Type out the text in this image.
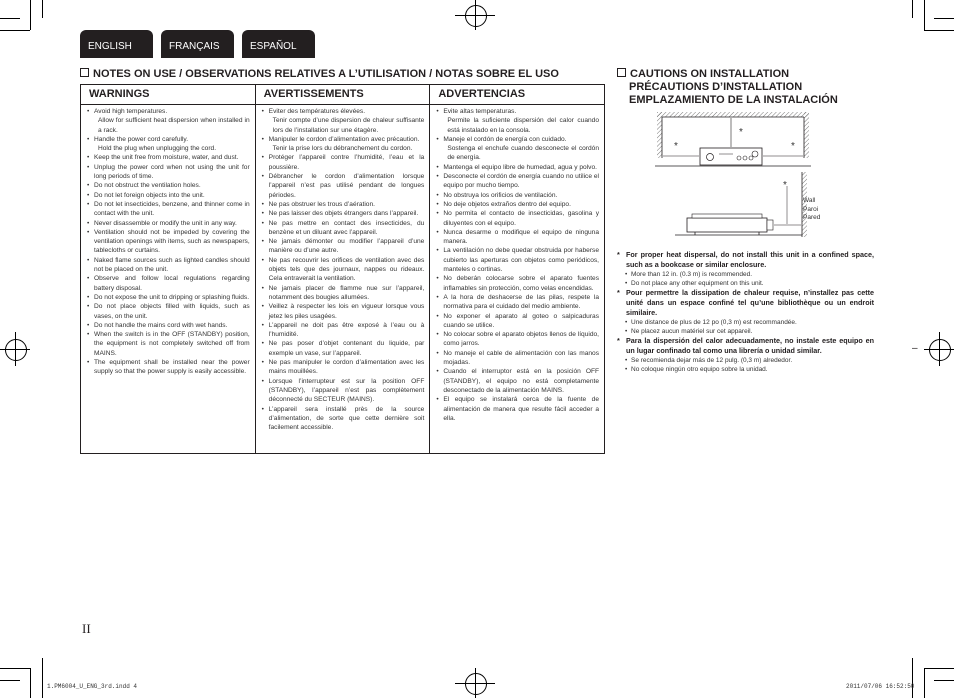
ENGLISH	FRANÇAIS	ESPAÑOL
NOTES ON USE / OBSERVATIONS RELATIVES A L’UTILISATION / NOTAS SOBRE EL USO
WARNINGS	AVERTISSEMENTS	ADVERTENCIAS
• Avoid high temperatures.
Allow for sufficient heat dispersion when installed in a rack.
• Handle the power cord carefully.
Hold the plug when unplugging the cord.
• Keep the unit free from moisture, water, and dust.
• Unplug the power cord when not using the unit for long periods of time.
• Do not obstruct the ventilation holes.
• Do not let foreign objects into the unit.
• Do not let insecticides, benzene, and thinner come in contact with the unit.
• Never disassemble or modify the unit in any way.
• Ventilation should not be impeded by covering the ventilation openings with items, such as newspapers, tablecloths or curtains.
• Naked flame sources such as lighted candles should not be placed on the unit.
• Observe and follow local regulations regarding battery disposal.
• Do not expose the unit to dripping or splashing fluids.
• Do not place objects filled with liquids, such as vases, on the unit.
• Do not handle the mains cord with wet hands.
• When the switch is in the OFF (STANDBY) position, the equipment is not completely switched off from MAINS.
• The equipment shall be installed near the power supply so that the power supply is easily accessible.
• Eviter des températures élevées.
Tenir compte d’une dispersion de chaleur suffisante lors de l’installation sur une étagère.
• Manipuler le cordon d’alimentation avec précaution.
Tenir la prise lors du débranchement du cordon.
• Protéger l’appareil contre l’humidité, l’eau et la poussière.
• Débrancher le cordon d’alimentation lorsque l’appareil n’est pas utilisé pendant de longues périodes.
• Ne pas obstruer les trous d’aération.
• Ne pas laisser des objets étrangers dans l’appareil.
• Ne pas mettre en contact des insecticides, du benzène et un diluant avec l’appareil.
• Ne jamais démonter ou modifier l’appareil d’une manière ou d’une autre.
• Ne pas recouvrir les orifices de ventilation avec des objets tels que des journaux, nappes ou rideaux. Cela entraverait la ventilation.
• Ne jamais placer de flamme nue sur l’appareil, notamment des bougies allumées.
• Veillez à respecter les lois en vigueur lorsque vous jetez les piles usagées.
• L’appareil ne doit pas être exposé à l’eau ou à l’humidité.
• Ne pas poser d’objet contenant du liquide, par exemple un vase, sur l’appareil.
• Ne pas manipuler le cordon d’alimentation avec les mains mouillées.
• Lorsque l’interrupteur est sur la position OFF (STANDBY), l’appareil n’est pas complètement déconnecté du SECTEUR (MAINS).
• L’appareil sera installé près de la source d’alimentation, de sorte que cette dernière soit facilement accessible.
• Evite altas temperaturas.
Permite la suficiente dispersión del calor cuando está instalado en la consola.
• Maneje el cordón de energía con cuidado.
Sostenga el enchufe cuando desconecte el cordón de energía.
• Mantenga el equipo libre de humedad, agua y polvo.
• Desconecte el cordón de energía cuando no utilice el equipo por mucho tiempo.
• No obstruya los orificios de ventilación.
• No deje objetos extraños dentro del equipo.
• No permita el contacto de insecticidas, gasolina y diluyentes con el equipo.
• Nunca desarme o modifique el equipo de ninguna manera.
• La ventilación no debe quedar obstruida por haberse cubierto las aperturas con objetos como periódicos, manteles o cortinas.
• No deberán colocarse sobre el aparato fuentes inflamables sin protección, como velas encendidas.
• A la hora de deshacerse de las pilas, respete la normativa para el cuidado del medio ambiente.
• No exponer el aparato al goteo o salpicaduras cuando se utilice.
• No colocar sobre el aparato objetos llenos de líquido, como jarros.
• No maneje el cable de alimentación con las manos mojadas.
• Cuando el interruptor está en la posición OFF (STANDBY), el equipo no está completamente desconectado de la alimentación MAINS.
• El equipo se instalará cerca de la fuente de alimentación de manera que resulte fácil acceder a ella.
CAUTIONS ON INSTALLATION
PRÉCAUTIONS D’INSTALLATION
EMPLAZAMIENTO DE LA INSTALACIÓN
*
*	*
*
Wall
Paroi
Pared
* For proper heat dispersal, do not install this unit in a confined space, such as a bookcase or similar enclosure.
• More than 12 in. (0.3 m) is recommended.
• Do not place any other equipment on this unit.
* Pour permettre la dissipation de chaleur requise, n’installez pas cette unité dans un espace confiné tel qu’une bibliothèque ou un endroit similaire.
• Une distance de plus de 12 po (0,3 m) est recommandée.
• Ne placez aucun matériel sur cet appareil.
* Para la dispersión del calor adecuadamente, no instale este equipo en un lugar confinado tal como una librería o unidad similar.
• Se recomienda dejar más de 12 pulg. (0,3 m) alrededor.
• No coloque ningún otro equipo sobre la unidad.
–
II
1.PM6004_U_ENG_3rd.indd 4	2011/07/06 16:52:50
